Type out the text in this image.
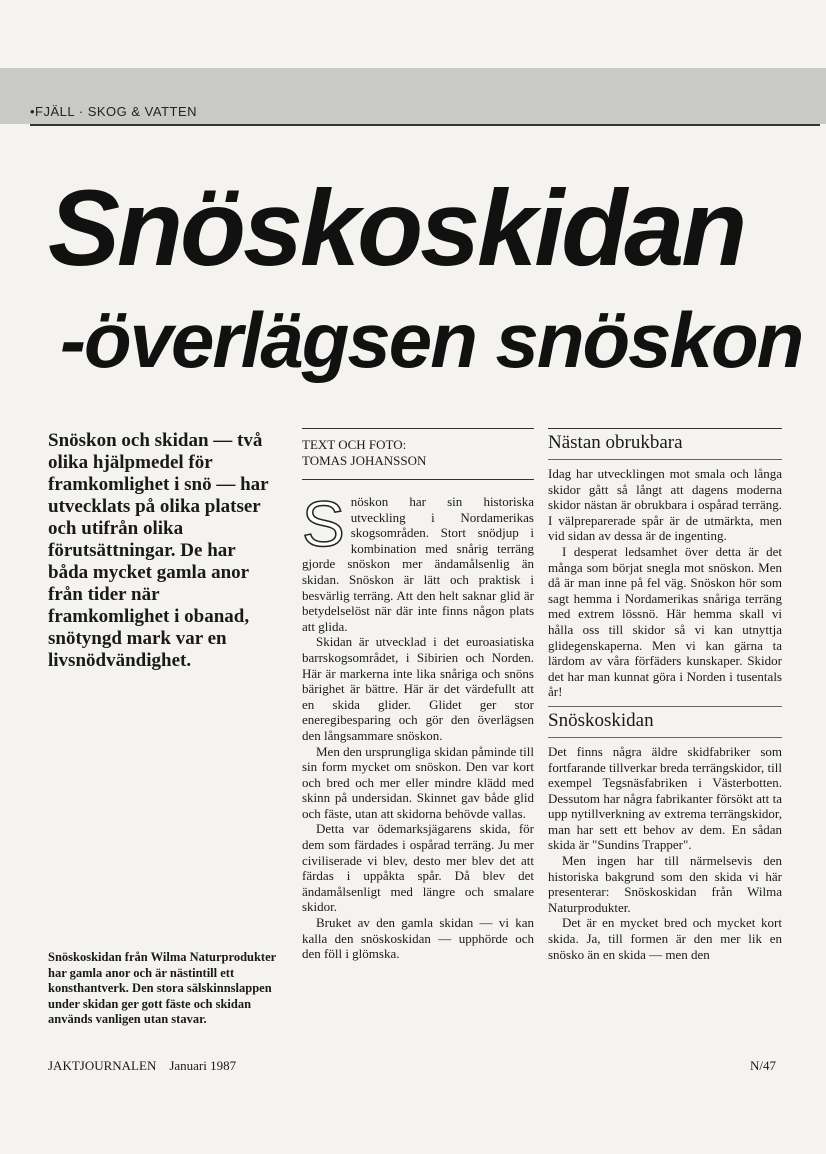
•FJÄLL · SKOG & VATTEN
Snöskoskidan
-överlägsen snöskon

Snöskon och skidan — två olika hjälpmedel för framkomlighet i snö — har utvecklats på olika platser och utifrån olika förutsättningar. De har båda mycket gamla anor från tider när framkomlighet i obanad, snötyngd mark var en livsnödvändighet.

Snöskoskidan från Wilma Naturprodukter har gamla anor och är nästintill ett konsthantverk. Den stora sälskinnslappen under skidan ger gott fäste och skidan används vanligen utan stavar.

TEXT OCH FOTO:

TOMAS JOHANSSON

Snöskon har sin historiska utveckling i Nordamerikas skogsområden. Stort snödjup i kombination med snårig terräng gjorde snöskon mer ändamålsenlig än skidan. Snöskon är lätt och praktisk i besvärlig terräng. Att den helt saknar glid är betydelselöst när där inte finns någon plats att glida.

Skidan är utvecklad i det euroasiatiska barrskogsområdet, i Sibirien och Norden. Här är markerna inte lika snåriga och snöns bärighet är bättre. Här är det värdefullt att en skida glider. Glidet ger stor eneregibesparing och gör den överlägsen den långsammare snöskon.

Men den ursprungliga skidan påminde till sin form mycket om snöskon. Den var kort och bred och mer eller mindre klädd med skinn på undersidan. Skinnet gav både glid och fäste, utan att skidorna behövde vallas.

Detta var ödemarksjägarens skida, för dem som färdades i ospårad terräng. Ju mer civiliserade vi blev, desto mer blev det att färdas i uppåkta spår. Då blev det ändamålsenligt med längre och smalare skidor.

Bruket av den gamla skidan — vi kan kalla den snöskoskidan — upphörde och den föll i glömska.

Nästan obrukbara

Idag har utvecklingen mot smala och långa skidor gått så långt att dagens moderna skidor nästan är obrukbara i ospårad terräng. I välpreparerade spår är de utmärkta, men vid sidan av dessa är de ingenting.

I desperat ledsamhet över detta är det många som börjat snegla mot snöskon. Men då är man inne på fel väg. Snöskon hör som sagt hemma i Nordamerikas snåriga terräng med extrem lössnö. Här hemma skall vi hålla oss till skidor så vi kan utnyttja glidegenskaperna. Men vi kan gärna ta lärdom av våra förfäders kunskaper. Skidor det har man kunnat göra i Norden i tusentals år!

Snöskoskidan

Det finns några äldre skidfabriker som fortfarande tillverkar breda terrängskidor, till exempel Tegsnäsfabriken i Västerbotten. Dessutom har några fabrikanter försökt att ta upp nytillverkning av extrema terrängskidor, man har sett ett behov av dem. En sådan skida är "Sundins Trapper".

Men ingen har till närmelsevis den historiska bakgrund som den skida vi här presenterar: Snöskoskidan från Wilma Naturprodukter.

Det är en mycket bred och mycket kort skida. Ja, till formen är den mer lik en snösko än en skida — men den

JAKTJOURNALEN    Januari 1987	N/47
